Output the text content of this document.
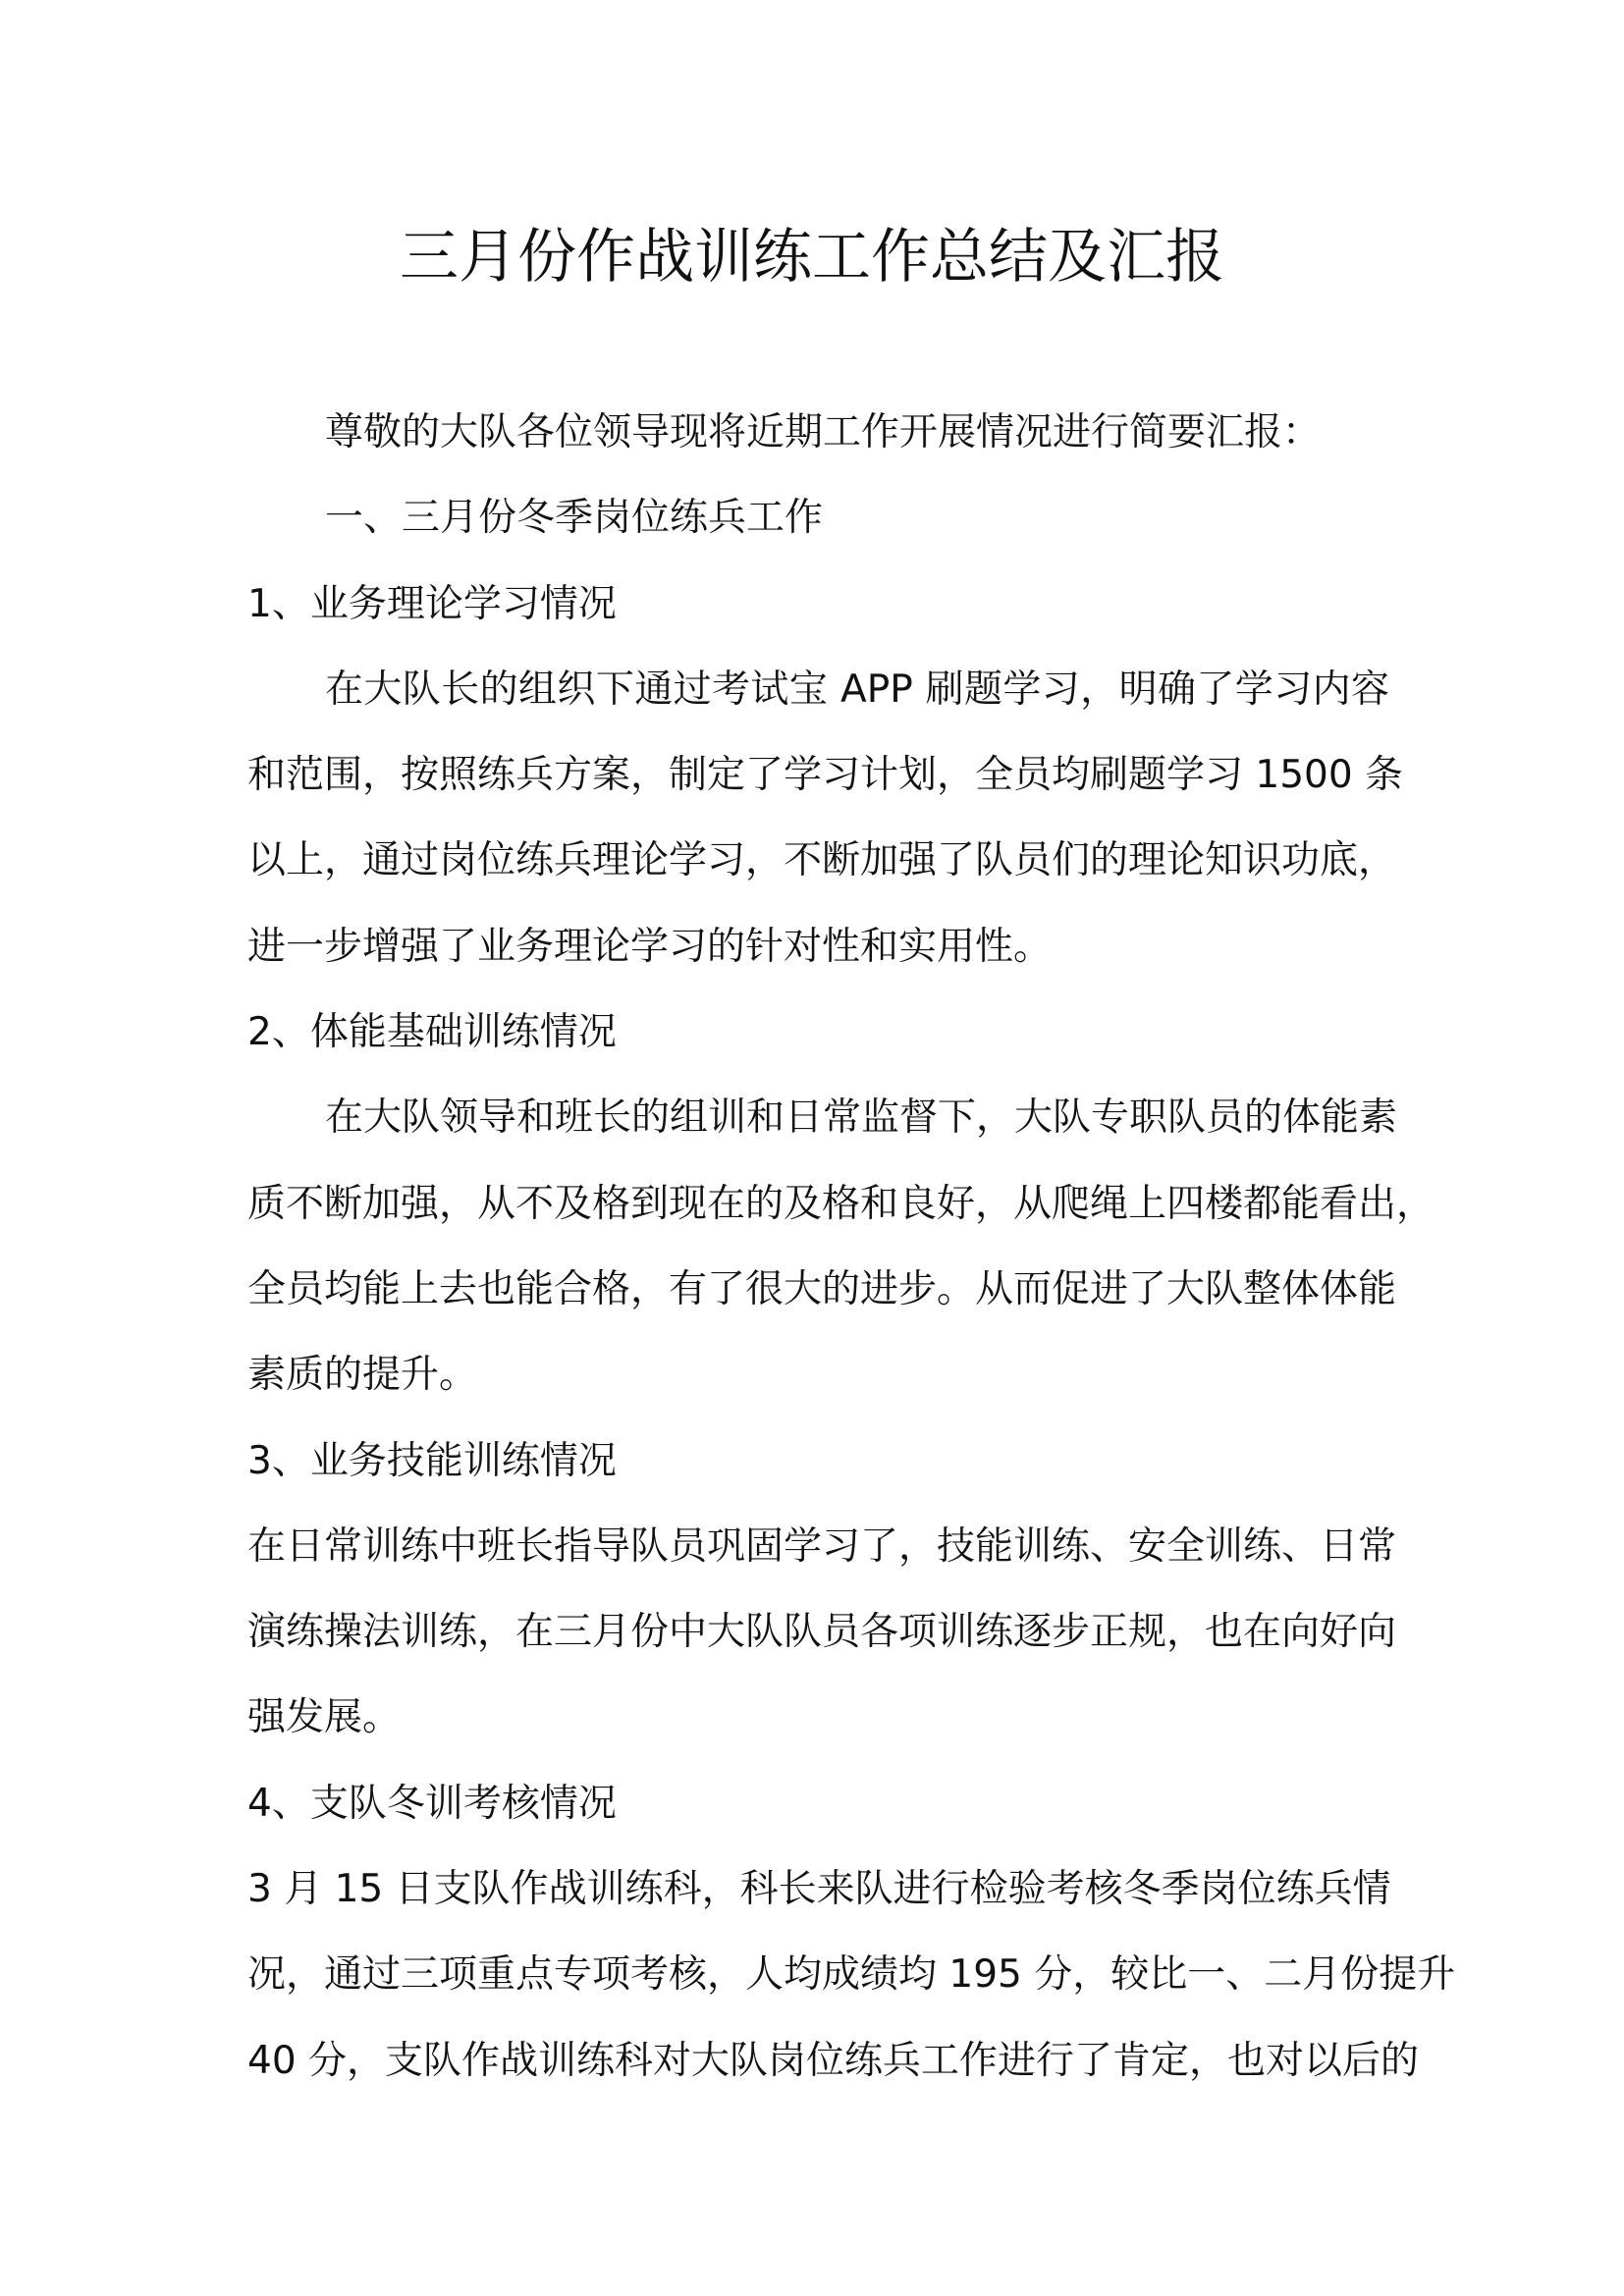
三月份作战训练工作总结及汇报
尊敬的大队各位领导现将近期工作开展情况进行简要汇报：
一、三月份冬季岗位练兵工作
1、业务理论学习情况
在大队长的组织下通过考试宝 APP 刷题学习，明确了学习内容
和范围，按照练兵方案，制定了学习计划，全员均刷题学习 1500 条
以上，通过岗位练兵理论学习，不断加强了队员们的理论知识功底，
进一步增强了业务理论学习的针对性和实用性。
2、体能基础训练情况
在大队领导和班长的组训和日常监督下，大队专职队员的体能素
质不断加强，从不及格到现在的及格和良好，从爬绳上四楼都能看出，
全员均能上去也能合格，有了很大的进步。从而促进了大队整体体能
素质的提升。
3、业务技能训练情况
在日常训练中班长指导队员巩固学习了，技能训练、安全训练、日常
演练操法训练，在三月份中大队队员各项训练逐步正规，也在向好向
强发展。
4、支队冬训考核情况
3 月 15 日支队作战训练科，科长来队进行检验考核冬季岗位练兵情
况，通过三项重点专项考核，人均成绩均 195 分，较比一、二月份提升
40 分，支队作战训练科对大队岗位练兵工作进行了肯定，也对以后的
